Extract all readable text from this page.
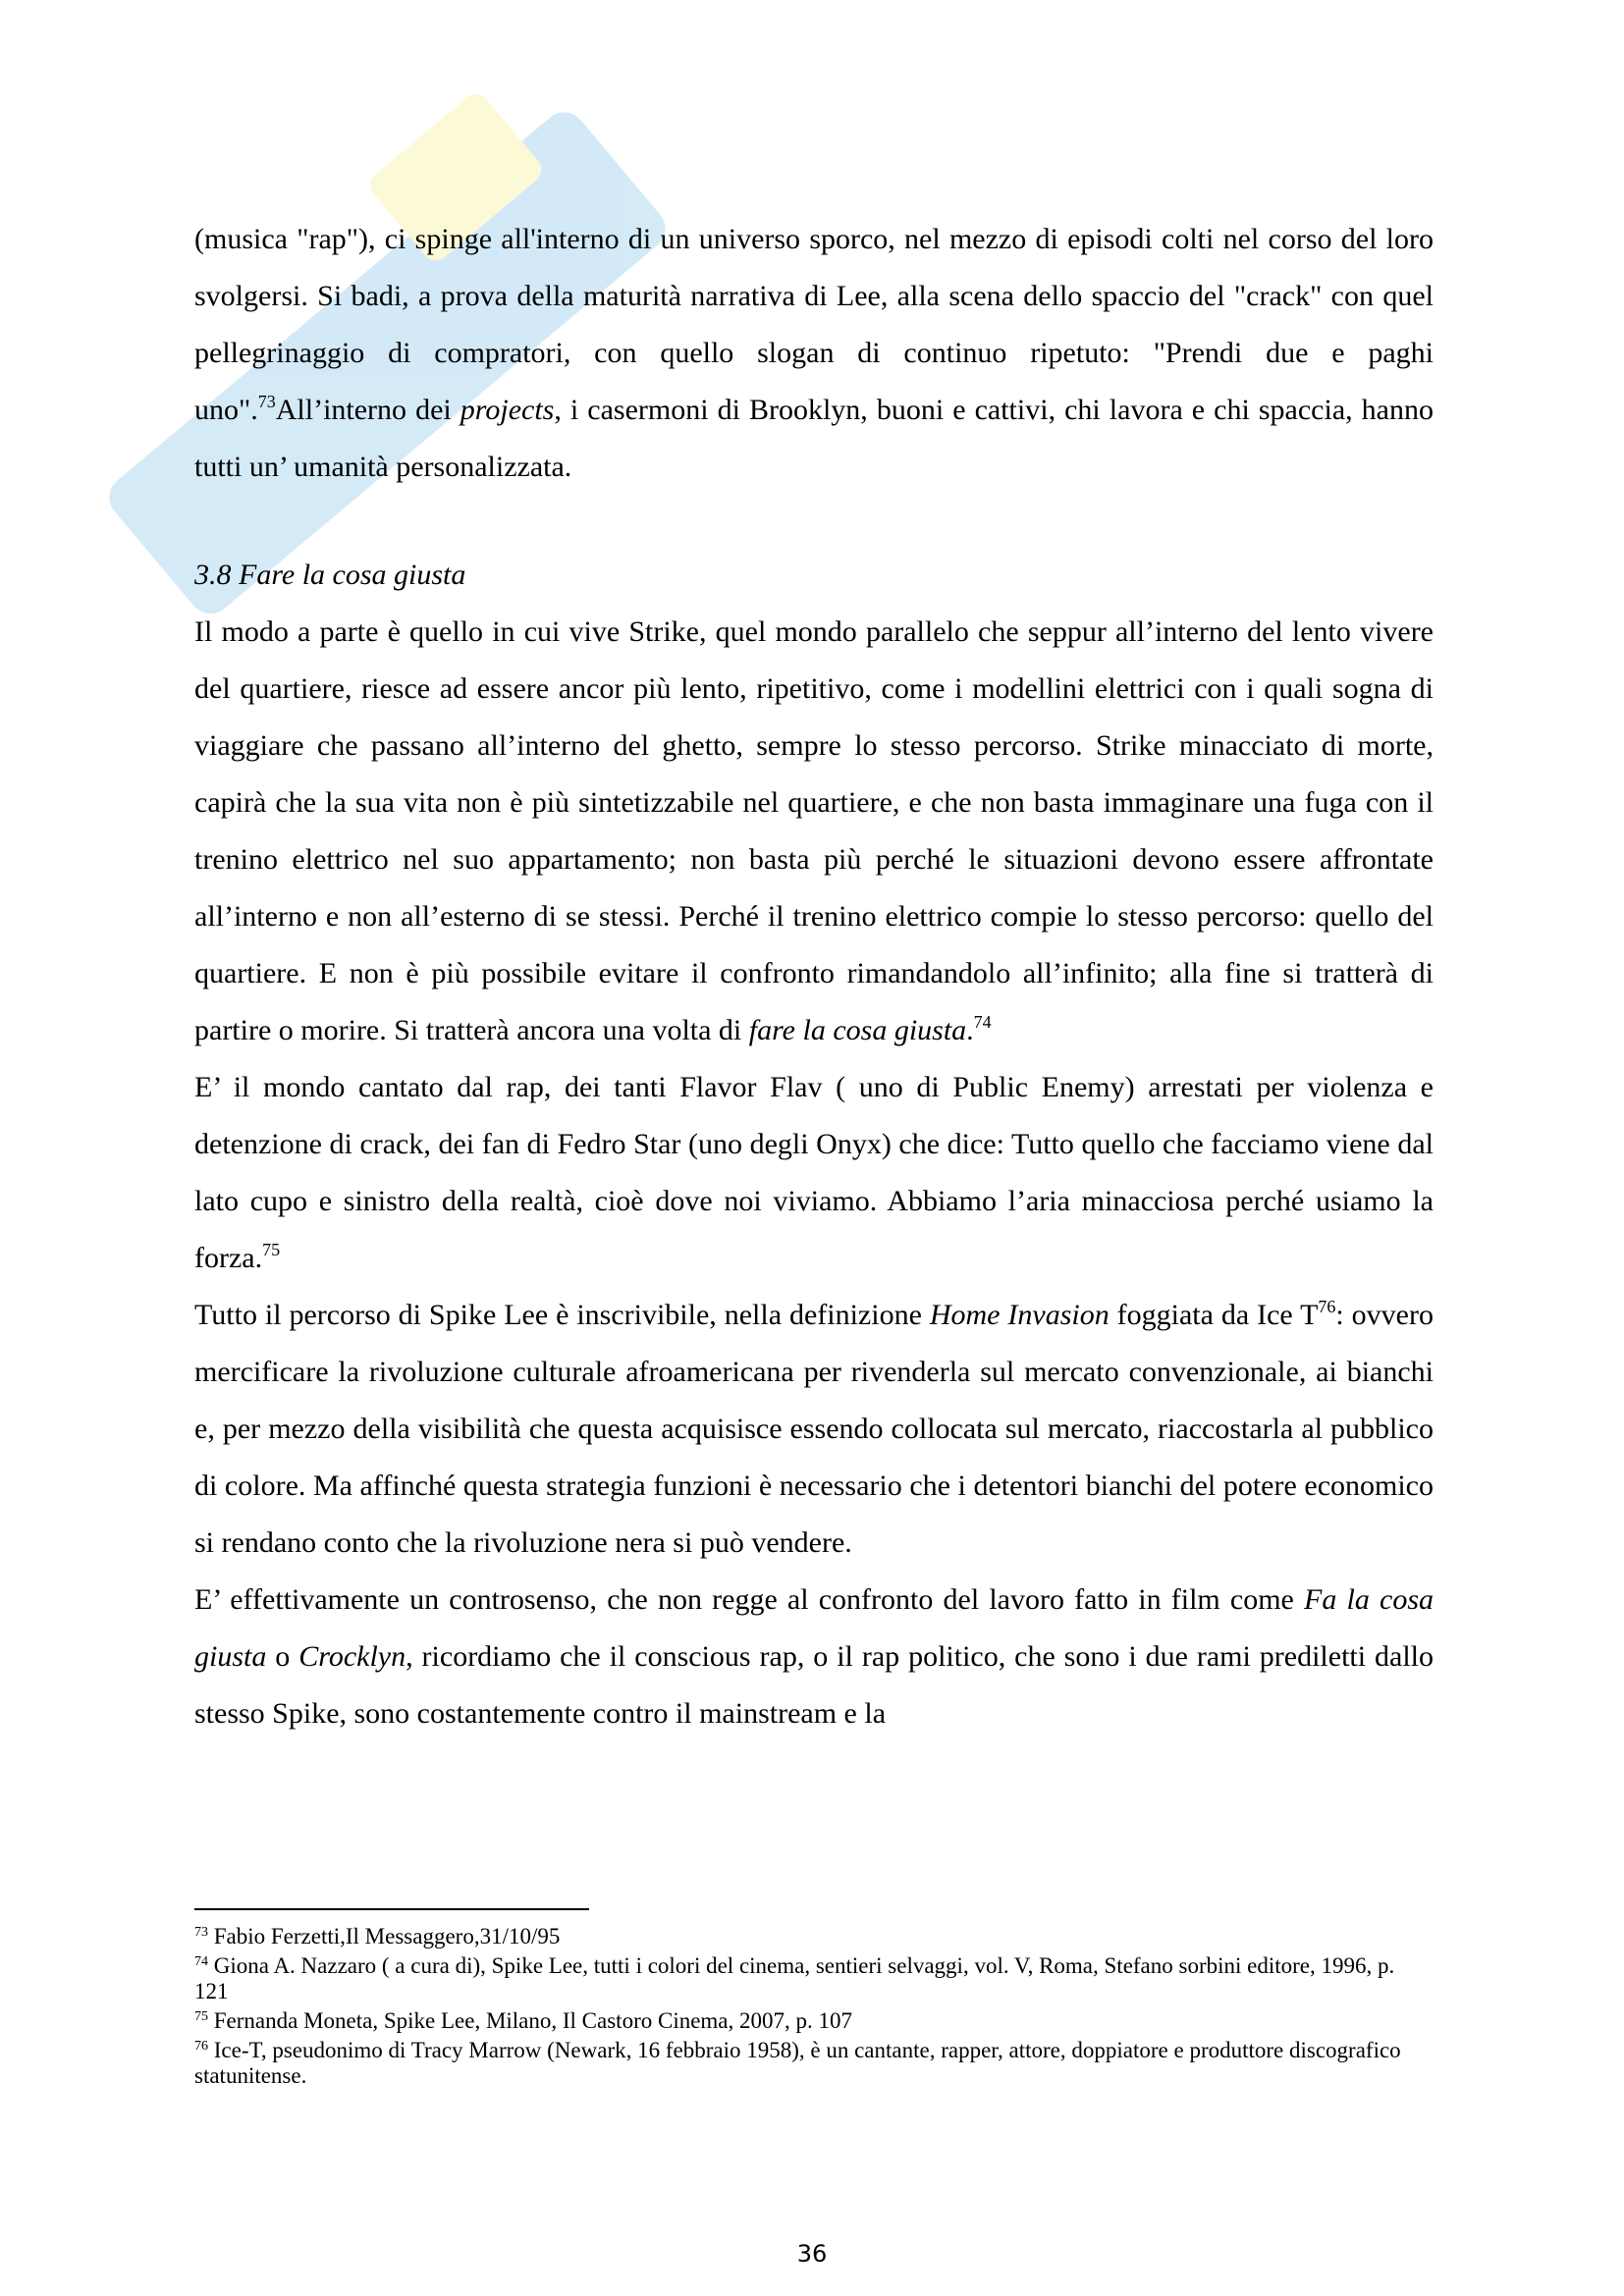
(musica "rap"), ci spinge all'interno di un universo sporco, nel mezzo di episodi colti nel corso del loro svolgersi. Si badi, a prova della maturità narrativa di Lee, alla scena dello spaccio del "crack" con quel pellegrinaggio di compratori, con quello slogan di continuo ripetuto: "Prendi due e paghi uno".$^{73}$All’interno dei projects, i casermoni di Brooklyn, buoni e cattivi, chi lavora e chi spaccia, hanno tutti un’ umanità personalizzata.

3.8 Fare la cosa giusta

Il modo a parte è quello in cui vive Strike, quel mondo parallelo che seppur all’interno del lento vivere del quartiere, riesce ad essere ancor più lento, ripetitivo, come i modellini elettrici con i quali sogna di viaggiare che passano all’interno del ghetto, sempre lo stesso percorso. Strike minacciato di morte, capirà che la sua vita non è più sintetizzabile nel quartiere, e che non basta immaginare una fuga con il trenino elettrico nel suo appartamento; non basta più perché le situazioni devono essere affrontate all’interno e non all’esterno di se stessi. Perché il trenino elettrico compie lo stesso percorso: quello del quartiere. E non è più possibile evitare il confronto rimandandolo all’infinito; alla fine si tratterà di partire o morire. Si tratterà ancora una volta di fare la cosa giusta.$^{74}$

E’ il mondo cantato dal rap, dei tanti Flavor Flav ( uno di Public Enemy) arrestati per violenza e detenzione di crack, dei fan di Fedro Star (uno degli Onyx) che dice: Tutto quello che facciamo viene dal lato cupo e sinistro della realtà, cioè dove noi viviamo. Abbiamo l’aria minacciosa perché usiamo la forza.$^{75}$

Tutto il percorso di Spike Lee è inscrivibile, nella definizione Home Invasion foggiata da Ice $T^{76}$: ovvero mercificare la rivoluzione culturale afroamericana per rivenderla sul mercato convenzionale, ai bianchi e, per mezzo della visibilità che questa acquisisce essendo collocata sul mercato, riaccostarla al pubblico di colore. Ma affinché questa strategia funzioni è necessario che i detentori bianchi del potere economico si rendano conto che la rivoluzione nera si può vendere.

E’ effettivamente un controsenso, che non regge al confronto del lavoro fatto in film come Fa la cosa giusta o Crocklyn, ricordiamo che il conscious rap, o il rap politico, che sono i due rami prediletti dallo stesso Spike, sono costantemente contro il mainstream e la

$^{73}$ Fabio Ferzetti,Il Messaggero,31/10/95

$^{74}$ Giona A. Nazzaro ( a cura di), Spike Lee, tutti i colori del cinema, sentieri selvaggi, vol. V, Roma, Stefano sorbini editore, 1996, p. 121

$^{75}$ Fernanda Moneta, Spike Lee, Milano, Il Castoro Cinema, 2007, p. 107

$^{76}$ Ice-T, pseudonimo di Tracy Marrow (Newark, 16 febbraio 1958), è un cantante, rapper, attore, doppiatore e produttore discografico statunitense.

36
